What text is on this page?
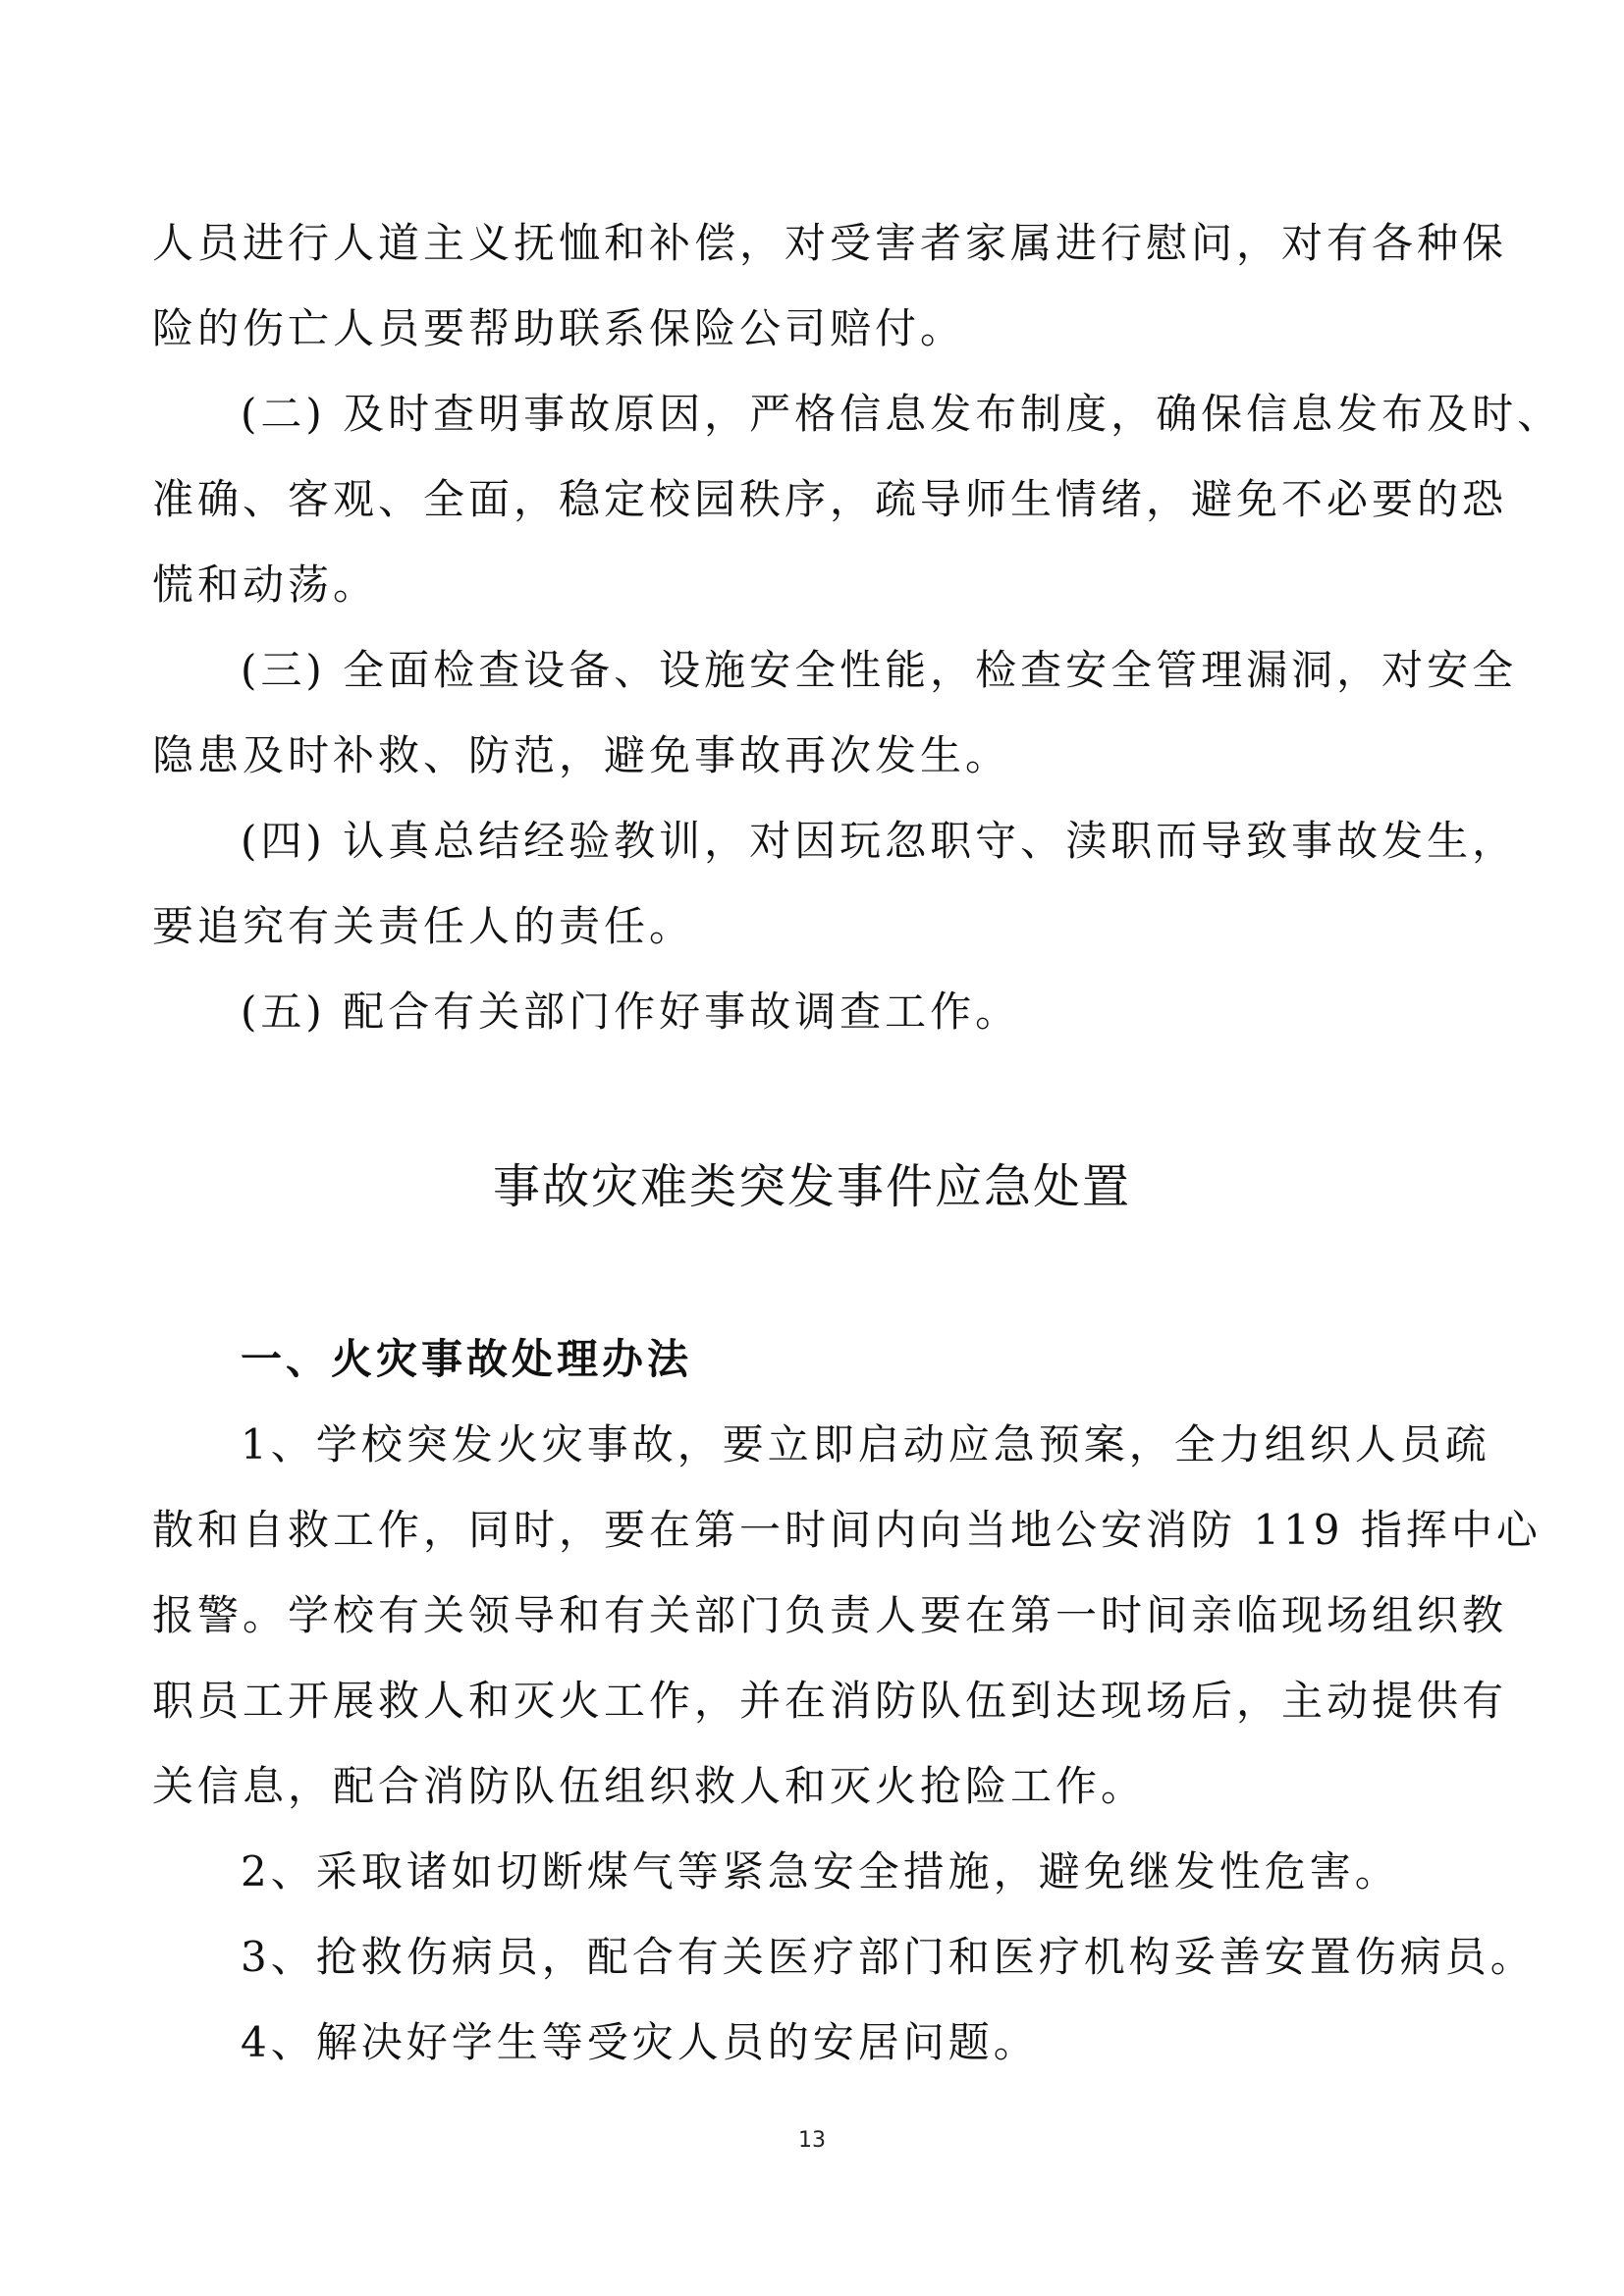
人员进行人道主义抚恤和补偿，对受害者家属进行慰问，对有各种保
险的伤亡人员要帮助联系保险公司赔付。
(二) 及时查明事故原因，严格信息发布制度，确保信息发布及时、
准确、客观、全面，稳定校园秩序，疏导师生情绪，避免不必要的恐
慌和动荡。
(三) 全面检查设备、设施安全性能，检查安全管理漏洞，对安全
隐患及时补救、防范，避免事故再次发生。
(四) 认真总结经验教训，对因玩忽职守、渎职而导致事故发生，
要追究有关责任人的责任。
(五) 配合有关部门作好事故调查工作。
事故灾难类突发事件应急处置
一、火灾事故处理办法
1、学校突发火灾事故，要立即启动应急预案，全力组织人员疏
散和自救工作，同时，要在第一时间内向当地公安消防 119 指挥中心
报警。学校有关领导和有关部门负责人要在第一时间亲临现场组织教
职员工开展救人和灭火工作，并在消防队伍到达现场后，主动提供有
关信息，配合消防队伍组织救人和灭火抢险工作。
2、采取诸如切断煤气等紧急安全措施，避免继发性危害。
3、抢救伤病员，配合有关医疗部门和医疗机构妥善安置伤病员。
4、解决好学生等受灾人员的安居问题。
13
